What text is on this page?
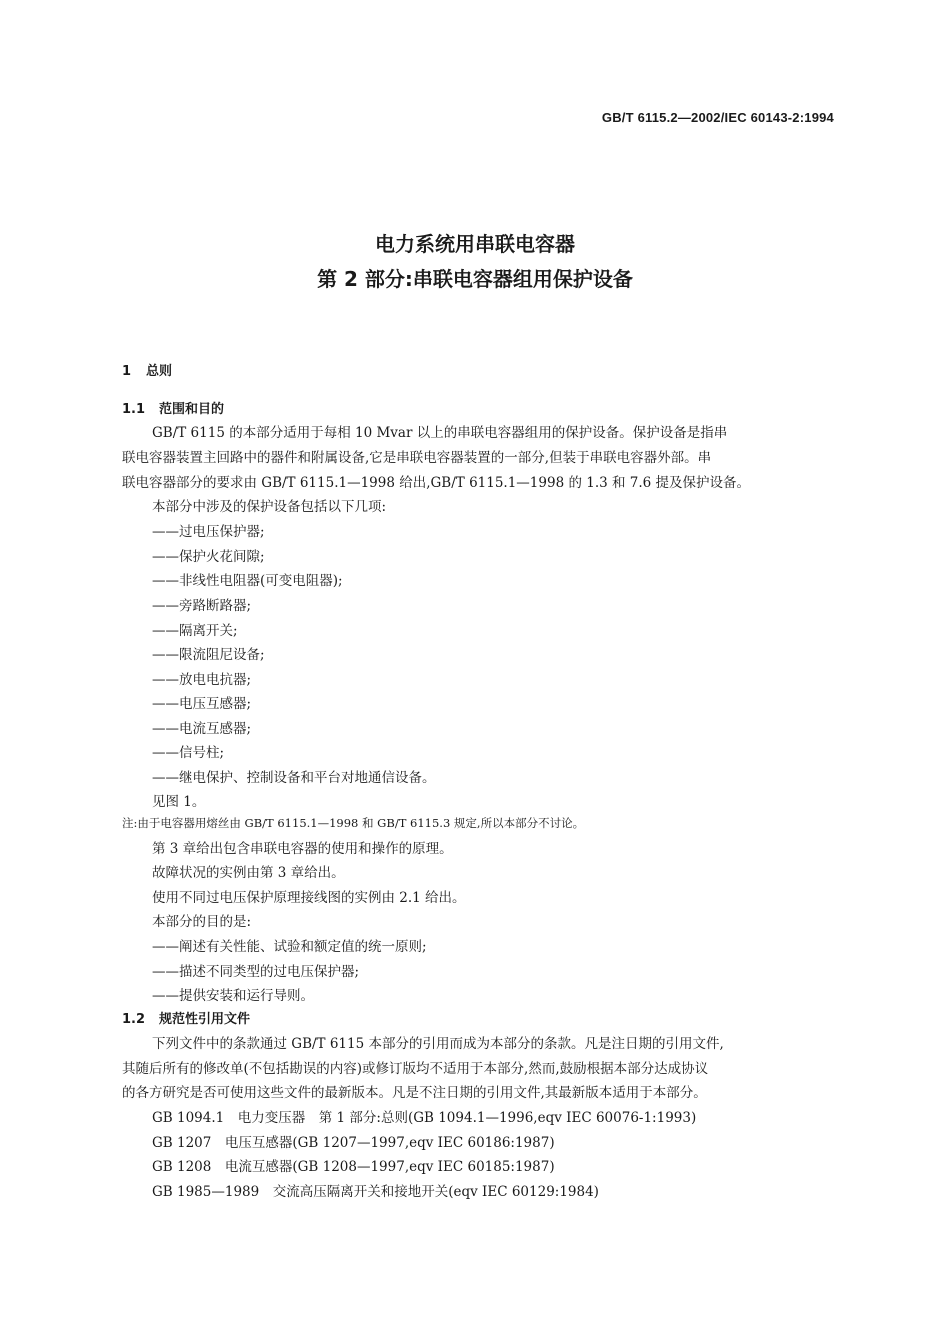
GB/T 6115.2—2002/IEC 60143-2:1994
电力系统用串联电容器
第 2 部分:串联电容器组用保护设备
1 总则
1.1 范围和目的
GB/T 6115 的本部分适用于每相 10 Mvar 以上的串联电容器组用的保护设备。保护设备是指串
联电容器装置主回路中的器件和附属设备,它是串联电容器装置的一部分,但装于串联电容器外部。串
联电容器部分的要求由 GB/T 6115.1—1998 给出,GB/T 6115.1—1998 的 1.3 和 7.6 提及保护设备。
本部分中涉及的保护设备包括以下几项:
——过电压保护器;
——保护火花间隙;
——非线性电阻器(可变电阻器);
——旁路断路器;
——隔离开关;
——限流阻尼设备;
——放电电抗器;
——电压互感器;
——电流互感器;
——信号柱;
——继电保护、控制设备和平台对地通信设备。
见图 1。
注:由于电容器用熔丝由 GB/T 6115.1—1998 和 GB/T 6115.3 规定,所以本部分不讨论。
第 3 章给出包含串联电容器的使用和操作的原理。
故障状况的实例由第 3 章给出。
使用不同过电压保护原理接线图的实例由 2.1 给出。
本部分的目的是:
——阐述有关性能、试验和额定值的统一原则;
——描述不同类型的过电压保护器;
——提供安装和运行导则。
1.2 规范性引用文件
下列文件中的条款通过 GB/T 6115 本部分的引用而成为本部分的条款。凡是注日期的引用文件,
其随后所有的修改单(不包括勘误的内容)或修订版均不适用于本部分,然而,鼓励根据本部分达成协议
的各方研究是否可使用这些文件的最新版本。凡是不注日期的引用文件,其最新版本适用于本部分。
GB 1094.1　电力变压器　第 1 部分:总则(GB 1094.1—1996,eqv IEC 60076-1:1993)
GB 1207　电压互感器(GB 1207—1997,eqv IEC 60186:1987)
GB 1208　电流互感器(GB 1208—1997,eqv IEC 60185:1987)
GB 1985—1989　交流高压隔离开关和接地开关(eqv IEC 60129:1984)
